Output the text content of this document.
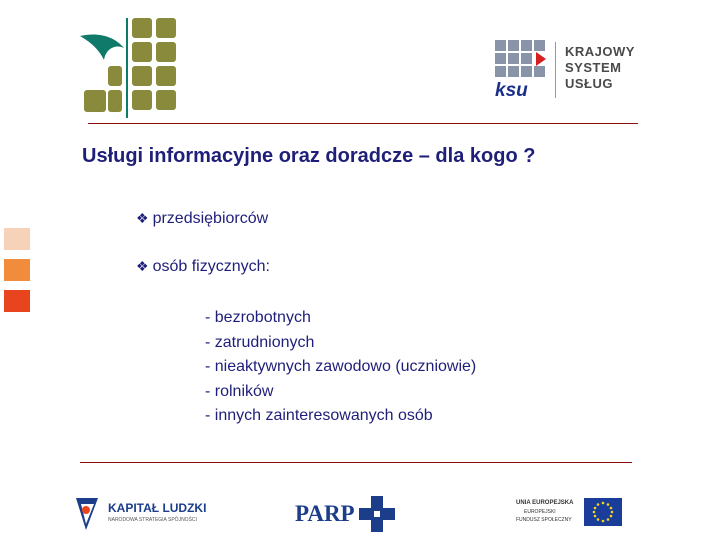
KRAJOWY
SYSTEM
USŁUG
ksu
Usługi informacyjne oraz doradcze – dla kogo ?
❖ przedsiębiorców
❖ osób fizycznych:
- bezrobotnych
- zatrudnionych
- nieaktywnych zawodowo (uczniowie)
- rolników
- innych zainteresowanych osób
KAPITAŁ LUDZKI
NARODOWA STRATEGIA SPÓJNOŚCI	PARP	UNIA EUROPEJSKA
EUROPEJSKI
FUNDUSZ SPOŁECZNY
